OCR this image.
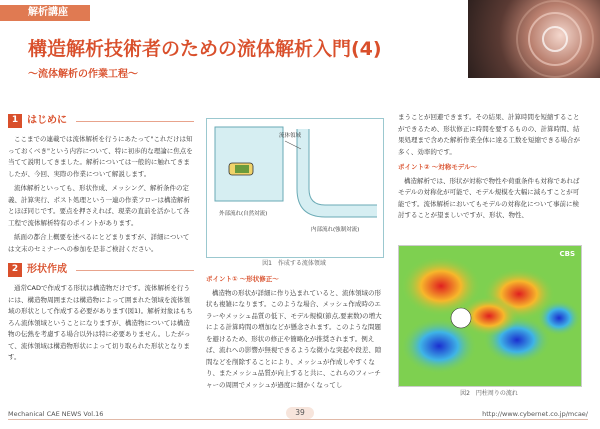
解析講座
構造解析技術者のための流体解析入門(4)
〜流体解析の作業工程〜
1 はじめに

ここまでの連載では流体解析を行うにあたって"これだけは知っておくべき"という内容について、特に初歩的な理論に焦点を当てて説明してきました。解析については一般的に触れてきましたが、今回、実際の作業について解説します。

流体解析といっても、形状作成、メッシング、解析条件の定義、計算実行、ポスト処理という一連の作業フローは構造解析とほぼ同じです。要点を押さえれば、現業の直前を活かして各工程で流体解析特有のポイントがあります。

紙面の都合上概要を述べるにとどまりますが、詳細については文末のセミナーへの参加を是非ご検討ください。

2 形状作成

通常CADで作成する形状は構造物だけです。流体解析を行うには、構造物周囲または構造物によって囲まれた領域を流体領域の形状として作成する必要があります(図1)。解析対象はもちろん流体領域ということになりますが、構造物については構造物の伝熱を考慮する場合以外は特に必要ありません。したがって、流体領域は構造物形状によって切り取られた形状となります。

流体領域
外部流れ(自然対流)
内部流れ(強制対流)
図1　作成する流体領域
ポイント① 〜形状修正〜

構造物の形状が詳細に作り込まれていると、流体領域の形状も複雑になります。このような場合、メッシュ作成時のエラーやメッシュ品質の低下、モデル規模(節点,要素数)の増大による計算時間の増加などが懸念されます。このような問題を避けるため、形状の修正や簡略化が推奨されます。例えば、流れへの影響が無視できるような微小な突起や段差、隙間などを削除することにより、メッシュが作成しやすくなり、またメッシュ品質が向上すると共に、これらのフィーチャーの周囲でメッシュが過度に細かくなってし

まうことが回避できます。その結果、計算時間を短縮することができるため、形状修正に時間を要するものの、計算時間、結果処理まで含めた解析作業全体に達る工数を短縮できる場合が多く、効率的です。

ポイント② 〜対称モデル〜

構造解析では、形状が対称で物性や荷重条件も対称であればモデルの対称化が可能で、モデル規模を大幅に減らすことが可能です。流体解析においてもモデルの対称化について事前に検討することが望ましいですが、形状、物性、

CBS
図2　円柱周りの流れ
Mechanical CAE NEWS Vol.16	39	http://www.cybernet.co.jp/mcae/
